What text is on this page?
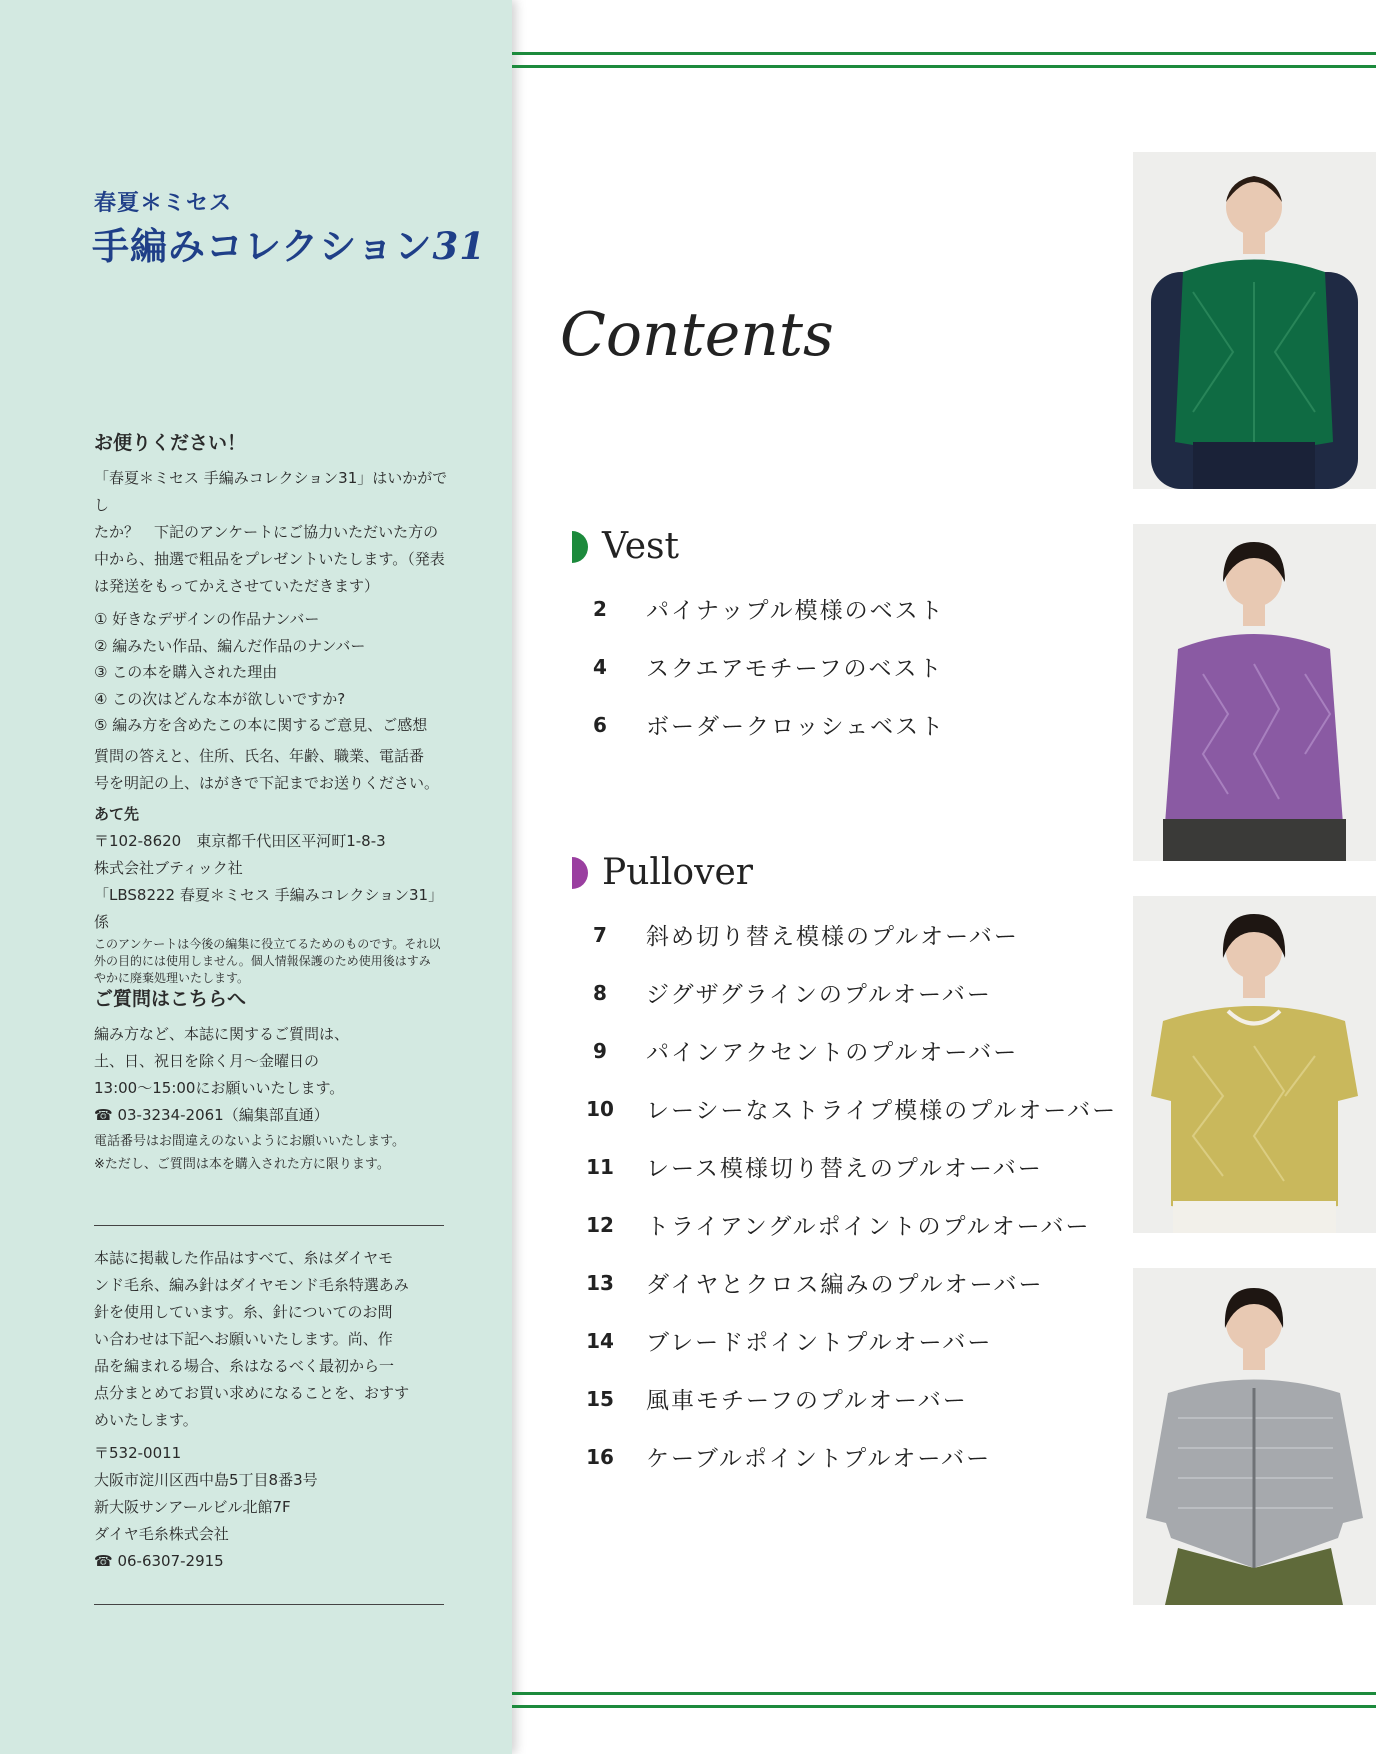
春夏＊ミセス
手編みコレクション31
お便りください！

「春夏＊ミセス 手編みコレクション31」はいかがでし

たか？　下記のアンケートにご協力いただいた方の

中から、抽選で粗品をプレゼントいたします。（発表

は発送をもってかえさせていただきます）

① 好きなデザインの作品ナンバー
② 編みたい作品、編んだ作品のナンバー
③ この本を購入された理由
④ この次はどんな本が欲しいですか?
⑤ 編み方を含めたこの本に関するご意見、ご感想

質問の答えと、住所、氏名、年齢、職業、電話番

号を明記の上、はがきで下記までお送りください。

あて先

〒102-8620　東京都千代田区平河町1-8-3

株式会社ブティック社

「LBS8222 春夏＊ミセス 手編みコレクション31」係

このアンケートは今後の編集に役立てるためのものです。それ以

外の目的には使用しません。個人情報保護のため使用後はすみ

やかに廃棄処理いたします。

ご質問はこちらへ

編み方など、本誌に関するご質問は、

土、日、祝日を除く月～金曜日の

13:00～15:00にお願いいたします。

☎ 03-3234-2061（編集部直通）

電話番号はお間違えのないようにお願いいたします。

※ただし、ご質問は本を購入された方に限ります。

本誌に掲載した作品はすべて、糸はダイヤモ

ンド毛糸、編み針はダイヤモンド毛糸特選あみ

針を使用しています。糸、針についてのお問

い合わせは下記へお願いいたします。尚、作

品を編まれる場合、糸はなるべく最初から一

点分まとめてお買い求めになることを、おすす

めいたします。

〒532-0011

大阪市淀川区西中島5丁目8番3号

新大阪サンアールビル北館7F

ダイヤ毛糸株式会社

☎ 06-6307-2915

Contents
Vest
2	パイナップル模様のベスト
4	スクエアモチーフのベスト
6	ボーダークロッシェベスト
Pullover
7	斜め切り替え模様のプルオーバー
8	ジグザグラインのプルオーバー
9	パインアクセントのプルオーバー
10	レーシーなストライプ模様のプルオーバー
11	レース模様切り替えのプルオーバー
12	トライアングルポイントのプルオーバー
13	ダイヤとクロス編みのプルオーバー
14	ブレードポイントプルオーバー
15	風車モチーフのプルオーバー
16	ケーブルポイントプルオーバー
